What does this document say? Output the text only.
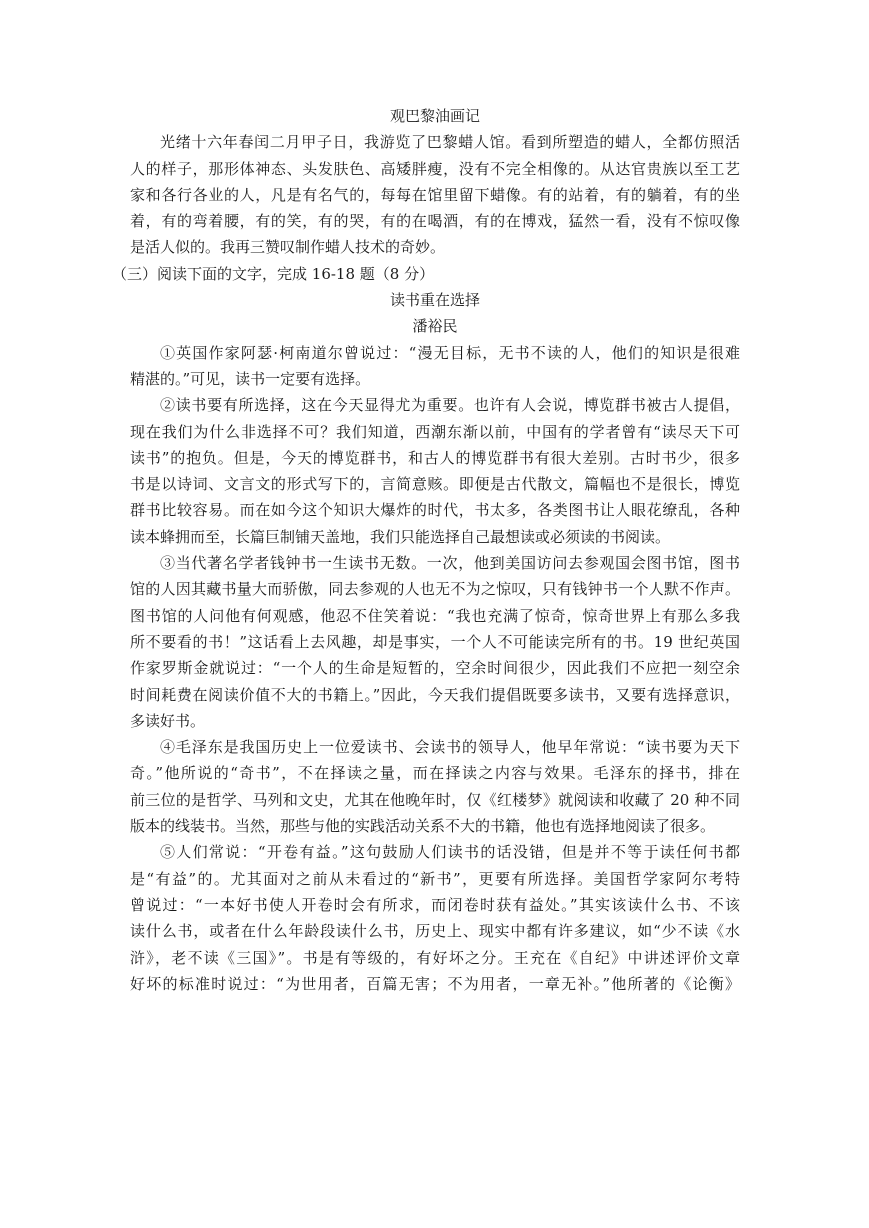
观巴黎油画记
光绪十六年春闰二月甲子日，我游览了巴黎蜡人馆。看到所塑造的蜡人，全都仿照活
人的样子，那形体神态、头发肤色、高矮胖瘦，没有不完全相像的。从达官贵族以至工艺
家和各行各业的人，凡是有名气的，每每在馆里留下蜡像。有的站着，有的躺着，有的坐
着，有的弯着腰，有的笑，有的哭，有的在喝酒，有的在博戏，猛然一看，没有不惊叹像
是活人似的。我再三赞叹制作蜡人技术的奇妙。
（三）阅读下面的文字，完成 16-18 题（8 分）
读书重在选择
潘裕民
①英国作家阿瑟·柯南道尔曾说过：“漫无目标，无书不读的人，他们的知识是很难
精湛的。”可见，读书一定要有选择。
②读书要有所选择，这在今天显得尤为重要。也许有人会说，博览群书被古人提倡，
现在我们为什么非选择不可？我们知道，西潮东渐以前，中国有的学者曾有“读尽天下可
读书”的抱负。但是，今天的博览群书，和古人的博览群书有很大差别。古时书少，很多
书是以诗词、文言文的形式写下的，言简意赅。即便是古代散文，篇幅也不是很长，博览
群书比较容易。而在如今这个知识大爆炸的时代，书太多，各类图书让人眼花缭乱，各种
读本蜂拥而至，长篇巨制铺天盖地，我们只能选择自己最想读或必须读的书阅读。
③当代著名学者钱钟书一生读书无数。一次，他到美国访问去参观国会图书馆，图书
馆的人因其藏书量大而骄傲，同去参观的人也无不为之惊叹，只有钱钟书一个人默不作声。
图书馆的人问他有何观感，他忍不住笑着说：“我也充满了惊奇，惊奇世界上有那么多我
所不要看的书！”这话看上去风趣，却是事实，一个人不可能读完所有的书。19 世纪英国
作家罗斯金就说过：“一个人的生命是短暂的，空余时间很少，因此我们不应把一刻空余
时间耗费在阅读价值不大的书籍上。”因此，今天我们提倡既要多读书，又要有选择意识，
多读好书。
④毛泽东是我国历史上一位爱读书、会读书的领导人，他早年常说：“读书要为天下
奇。”他所说的“奇书”，不在择读之量，而在择读之内容与效果。毛泽东的择书，排在
前三位的是哲学、马列和文史，尤其在他晚年时，仅《红楼梦》就阅读和收藏了 20 种不同
版本的线装书。当然，那些与他的实践活动关系不大的书籍，他也有选择地阅读了很多。
⑤人们常说：“开卷有益。”这句鼓励人们读书的话没错，但是并不等于读任何书都
是“有益”的。尤其面对之前从未看过的“新书”，更要有所选择。美国哲学家阿尔考特
曾说过：“一本好书使人开卷时会有所求，而闭卷时获有益处。”其实该读什么书、不该
读什么书，或者在什么年龄段读什么书，历史上、现实中都有许多建议，如“少不读《水
浒》，老不读《三国》”。书是有等级的，有好坏之分。王充在《自纪》中讲述评价文章
好坏的标准时说过：“为世用者，百篇无害；不为用者，一章无补。”他所著的《论衡》
